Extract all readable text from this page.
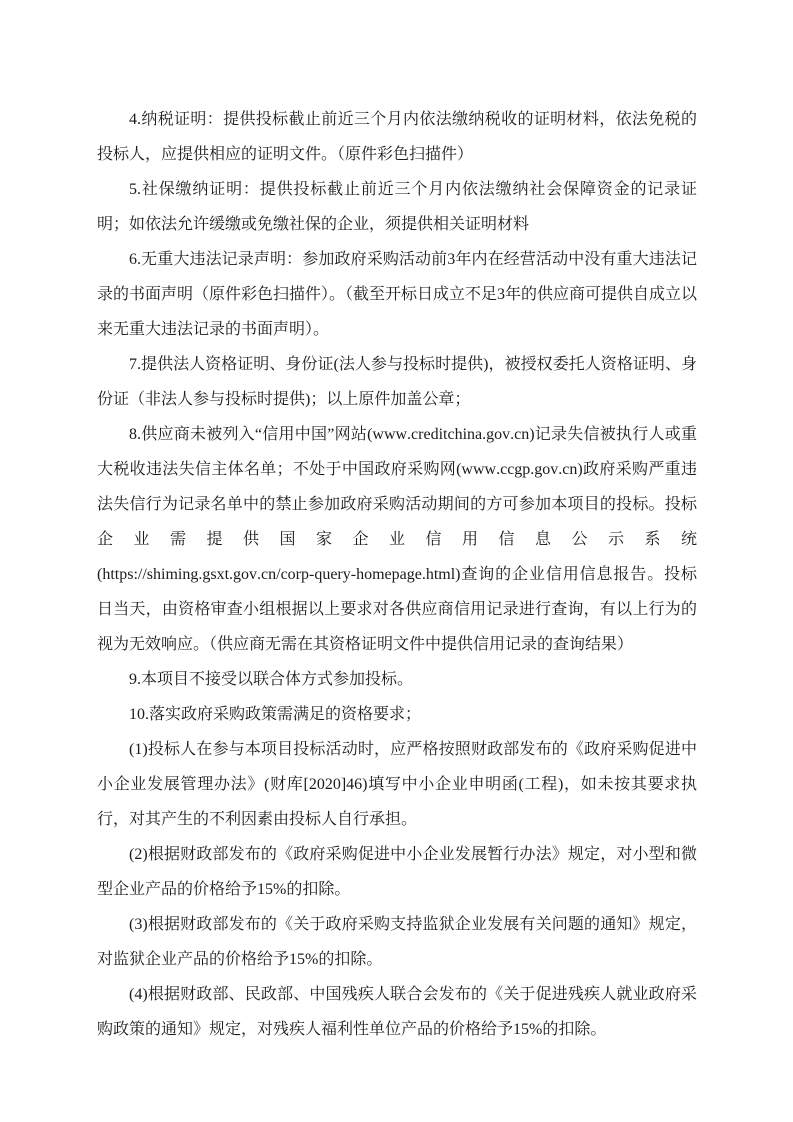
4.纳税证明：提供投标截止前近三个月内依法缴纳税收的证明材料，依法免税的投标人，应提供相应的证明文件。（原件彩色扫描件）

5.社保缴纳证明：提供投标截止前近三个月内依法缴纳社会保障资金的记录证明；如依法允许缓缴或免缴社保的企业，须提供相关证明材料

6.无重大违法记录声明：参加政府采购活动前3年内在经营活动中没有重大违法记录的书面声明（原件彩色扫描件）。（截至开标日成立不足3年的供应商可提供自成立以来无重大违法记录的书面声明）。

7.提供法人资格证明、身份证(法人参与投标时提供)，被授权委托人资格证明、身份证（非法人参与投标时提供)；以上原件加盖公章；

8.供应商未被列入“信用中国”网站(www.creditchina.gov.cn)记录失信被执行人或重大税收违法失信主体名单；不处于中国政府采购网(www.ccgp.gov.cn)政府采购严重违法失信行为记录名单中的禁止参加政府采购活动期间的方可参加本项目的投标。投标企业需提供国家企业信用信息公示系统(https://shiming.gsxt.gov.cn/corp-query-homepage.html)查询的企业信用信息报告。投标日当天，由资格审查小组根据以上要求对各供应商信用记录进行查询，有以上行为的视为无效响应。（供应商无需在其资格证明文件中提供信用记录的查询结果）

9.本项目不接受以联合体方式参加投标。

10.落实政府采购政策需满足的资格要求；

(1)投标人在参与本项目投标活动时，应严格按照财政部发布的《政府采购促进中小企业发展管理办法》(财库[2020]46)填写中小企业申明函(工程)，如未按其要求执行，对其产生的不利因素由投标人自行承担。

(2)根据财政部发布的《政府采购促进中小企业发展暂行办法》规定，对小型和微型企业产品的价格给予15%的扣除。

(3)根据财政部发布的《关于政府采购支持监狱企业发展有关问题的通知》规定，对监狱企业产品的价格给予15%的扣除。

(4)根据财政部、民政部、中国残疾人联合会发布的《关于促进残疾人就业政府采购政策的通知》规定，对残疾人福利性单位产品的价格给予15%的扣除。
